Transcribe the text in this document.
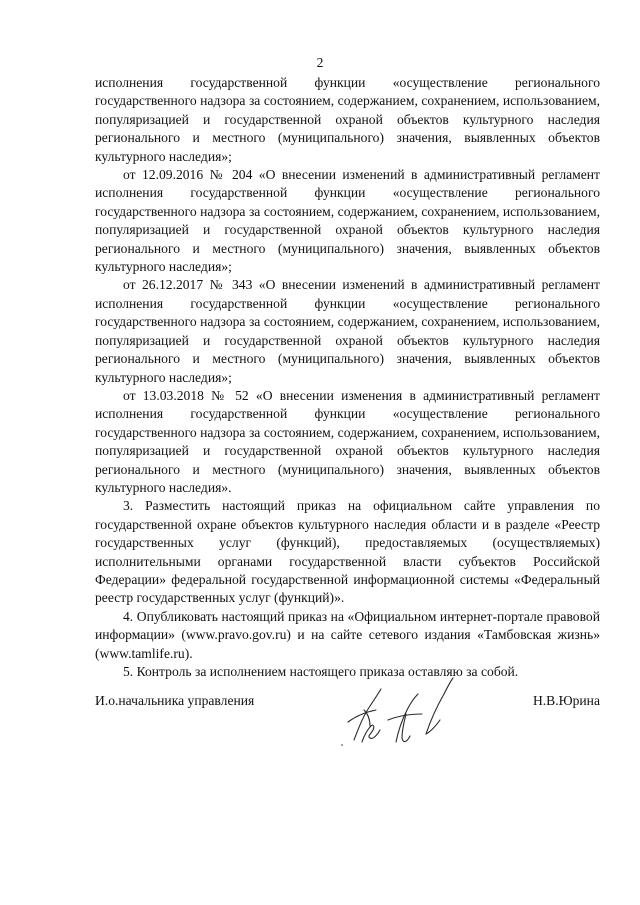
2

исполнения государственной функции «осуществление регионального государственного надзора за состоянием, содержанием, сохранением, использованием, популяризацией и государственной охраной объектов культурного наследия регионального и местного (муниципального) значения, выявленных объектов культурного наследия»;

от 12.09.2016 № 204 «О внесении изменений в административный регламент исполнения государственной функции «осуществление регионального государственного надзора за состоянием, содержанием, сохранением, использованием, популяризацией и государственной охраной объектов культурного наследия регионального и местного (муниципального) значения, выявленных объектов культурного наследия»;

от 26.12.2017 № 343 «О внесении изменений в административный регламент исполнения государственной функции «осуществление регионального государственного надзора за состоянием, содержанием, сохранением, использованием, популяризацией и государственной охраной объектов культурного наследия регионального и местного (муниципального) значения, выявленных объектов культурного наследия»;

от 13.03.2018 № 52 «О внесении изменения в административный регламент исполнения государственной функции «осуществление регионального государственного надзора за состоянием, содержанием, сохранением, использованием, популяризацией и государственной охраной объектов культурного наследия регионального и местного (муниципального) значения, выявленных объектов культурного наследия».

3. Разместить настоящий приказ на официальном сайте управления по государственной охране объектов культурного наследия области и в разделе «Реестр государственных услуг (функций), предоставляемых (осуществляемых) исполнительными органами государственной власти субъектов Российской Федерации» федеральной государственной информационной системы «Федеральный реестр государственных услуг (функций)».

4. Опубликовать настоящий приказ на «Официальном интернет-портале правовой информации» (www.pravo.gov.ru) и на сайте сетевого издания «Тамбовская жизнь» (www.tamlife.ru).

5. Контроль за исполнением настоящего приказа оставляю за собой.

И.о.начальника управления	Н.В.Юрина
